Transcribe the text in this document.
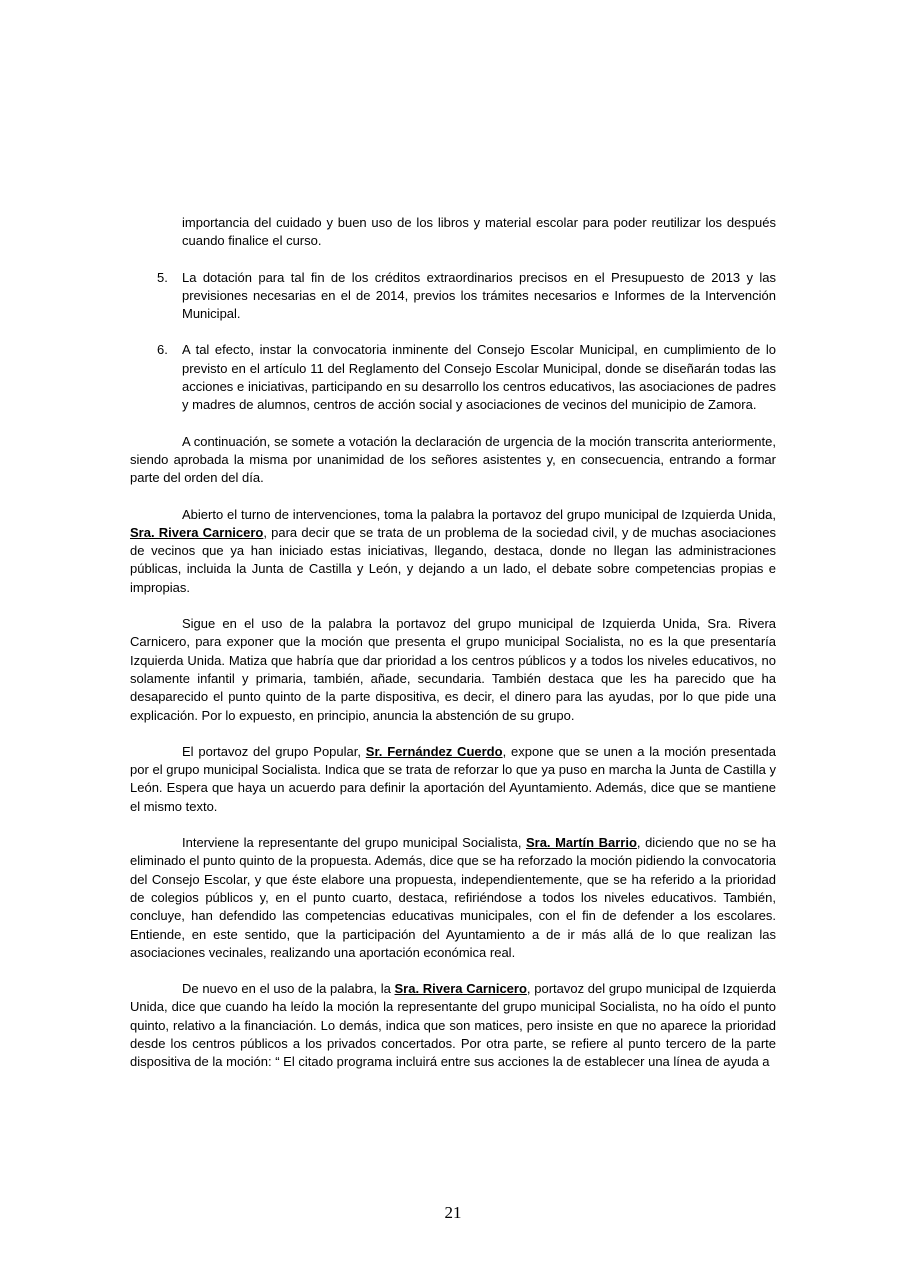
importancia del cuidado y buen uso de los libros y material escolar para poder reutilizar los después cuando finalice el curso.

5.	La dotación para tal fin de los créditos extraordinarios precisos en el Presupuesto de 2013 y las previsiones necesarias en el de 2014, previos los trámites necesarios e Informes de la Intervención Municipal.
6.	A tal efecto, instar la convocatoria inminente del Consejo Escolar Municipal, en cumplimiento de lo previsto en el artículo 11 del Reglamento del Consejo Escolar Municipal, donde se diseñarán todas las acciones e iniciativas, participando en su desarrollo los centros educativos, las asociaciones de padres y madres de alumnos, centros de acción social y asociaciones de vecinos del municipio de Zamora.

A continuación, se somete a votación la declaración de urgencia de la moción transcrita anteriormente, siendo aprobada la misma por unanimidad de los señores asistentes y, en consecuencia, entrando a formar parte del orden del día.

Abierto el turno de intervenciones, toma la palabra la portavoz del grupo municipal de Izquierda Unida, Sra. Rivera Carnicero, para decir que se trata de un problema de la sociedad civil, y de muchas asociaciones de vecinos que ya han iniciado estas iniciativas, llegando, destaca, donde no llegan las administraciones públicas, incluida la Junta de Castilla y León, y dejando a un lado, el debate sobre competencias propias e impropias.

Sigue en el uso de la palabra la portavoz del grupo municipal de Izquierda Unida, Sra. Rivera Carnicero, para exponer que la moción que presenta el grupo municipal Socialista, no es la que presentaría Izquierda Unida. Matiza que habría que dar prioridad a los centros públicos y a todos los niveles educativos, no solamente infantil y primaria, también, añade, secundaria. También destaca que les ha parecido que ha desaparecido el punto quinto de la parte dispositiva, es decir, el dinero para las ayudas, por lo que pide una explicación. Por lo expuesto, en principio, anuncia la abstención de su grupo.

El portavoz del grupo Popular, Sr. Fernández Cuerdo, expone que se unen a la moción presentada por el grupo municipal Socialista. Indica que se trata de reforzar lo que ya puso en marcha la Junta de Castilla y León. Espera que haya un acuerdo para definir la aportación del Ayuntamiento. Además, dice que se mantiene el mismo texto.

Interviene la representante del grupo municipal Socialista, Sra. Martín Barrio, diciendo que no se ha eliminado el punto quinto de la propuesta. Además, dice que se ha reforzado la moción pidiendo la convocatoria del Consejo Escolar, y que éste elabore una propuesta, independientemente, que se ha referido a la prioridad de colegios públicos y, en el punto cuarto, destaca, refiriéndose a todos los niveles educativos. También, concluye, han defendido las competencias educativas municipales, con el fin de defender a los escolares. Entiende, en este sentido, que la participación del Ayuntamiento a de ir más allá de lo que realizan las asociaciones vecinales, realizando una aportación económica real.

De nuevo en el uso de la palabra, la Sra. Rivera Carnicero, portavoz del grupo municipal de Izquierda Unida, dice que cuando ha leído la moción la representante del grupo municipal Socialista, no ha oído el punto quinto, relativo a la financiación. Lo demás, indica que son matices, pero insiste en que no aparece la prioridad desde los centros públicos a los privados concertados. Por otra parte, se refiere al punto tercero de la parte dispositiva de la moción: “ El citado programa incluirá entre sus acciones la de establecer una línea de ayuda a

21
